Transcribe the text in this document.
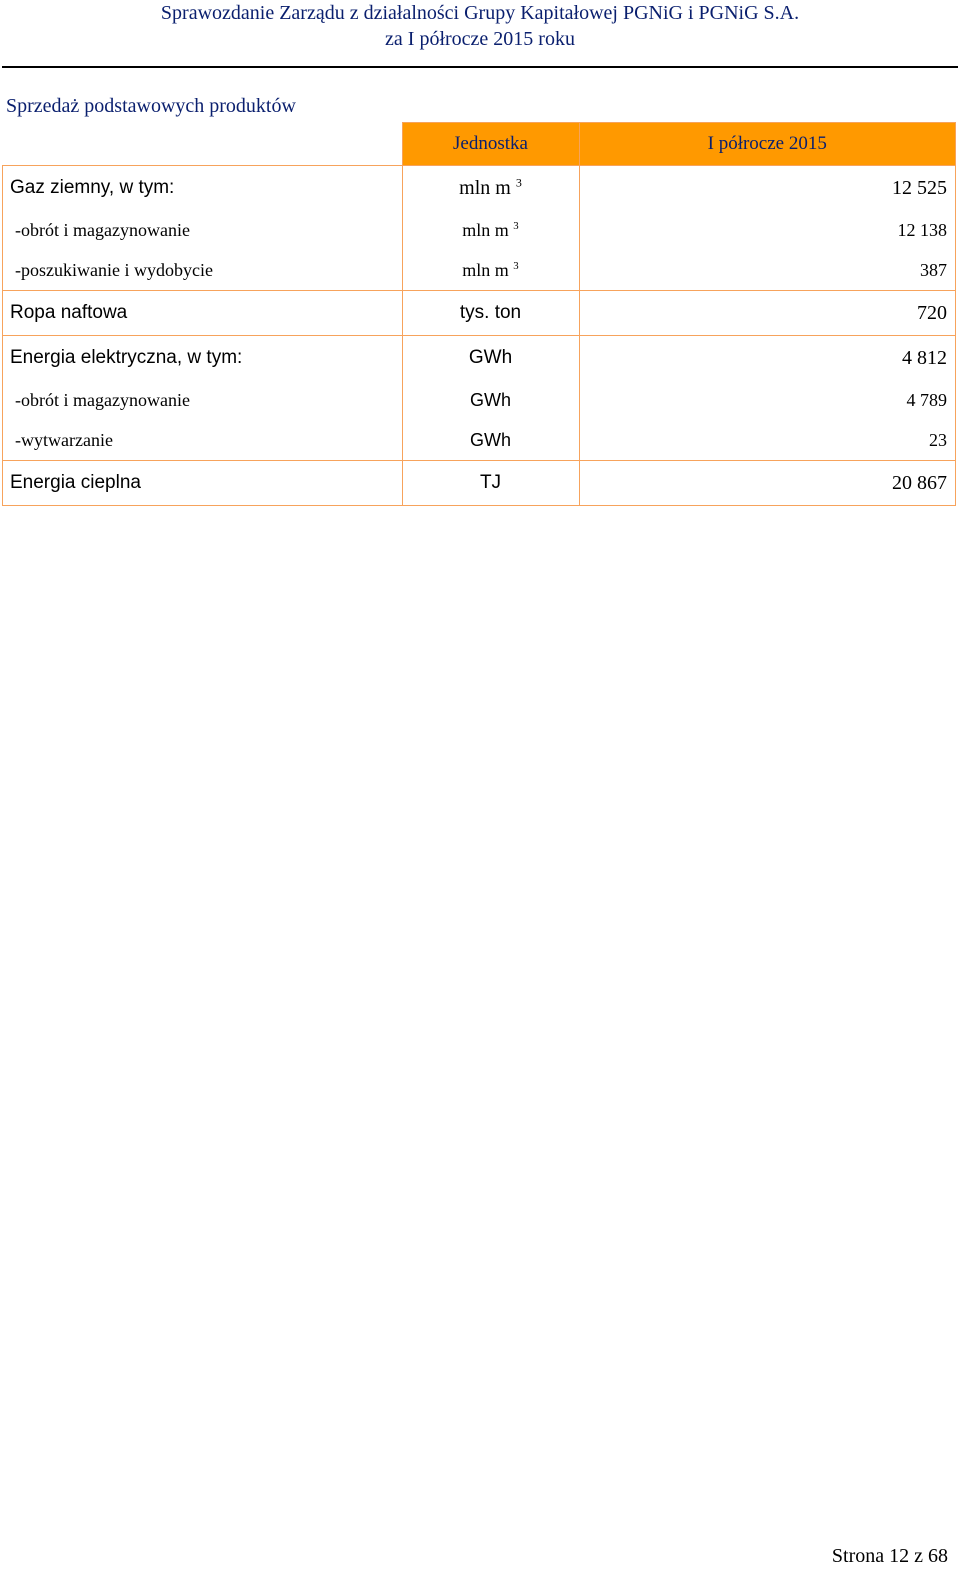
Sprawozdanie Zarządu z działalności Grupy Kapitałowej PGNiG i PGNiG S.A.
za I półrocze 2015 roku
Sprzedaż podstawowych produktów
	Jednostka	I półrocze 2015
Gaz ziemny, w tym:	mln m $^3$	12 525
-obrót i magazynowanie	mln m $^3$	12 138
-poszukiwanie i wydobycie	mln m $^3$	387
Ropa naftowa	tys. ton	720
Energia elektryczna, w tym:	GWh	4 812
-obrót i magazynowanie	GWh	4 789
-wytwarzanie	GWh	23
Energia cieplna	TJ	20 867
Strona 12 z 68
